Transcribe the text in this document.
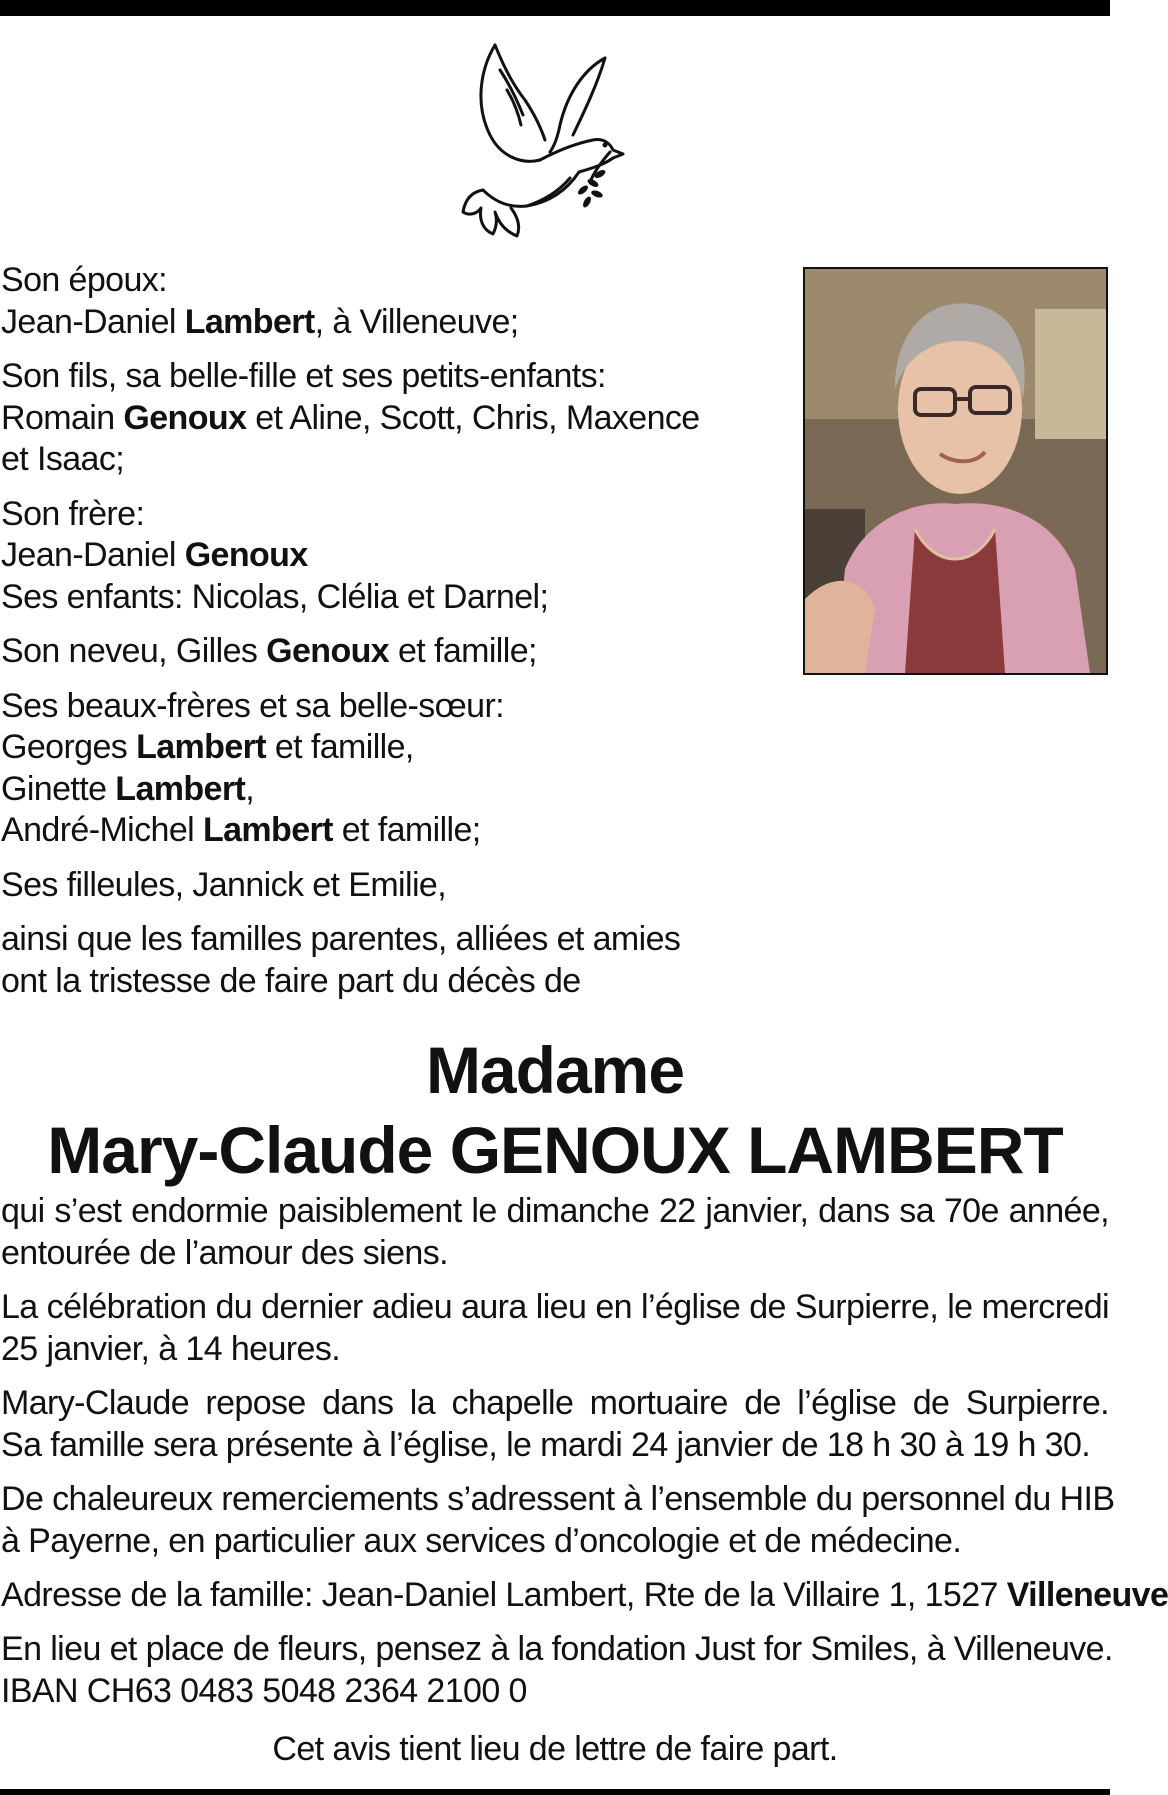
Son époux:
Jean-Daniel Lambert, à Villeneuve;

Son fils, sa belle-fille et ses petits-enfants:
Romain Genoux et Aline, Scott, Chris, Maxence
et Isaac;

Son frère:
Jean-Daniel Genoux
Ses enfants: Nicolas, Clélia et Darnel;

Son neveu, Gilles Genoux et famille;

Ses beaux-frères et sa belle-sœur:
Georges Lambert et famille,
Ginette Lambert,
André-Michel Lambert et famille;

Ses filleules, Jannick et Emilie,

ainsi que les familles parentes, alliées et amies
ont la tristesse de faire part du décès de

Madame
Mary-Claude GENOUX LAMBERT

qui s’est endormie paisiblement le dimanche 22 janvier, dans sa 70e année,
entourée de l’amour des siens.

La célébration du dernier adieu aura lieu en l’église de Surpierre, le mercredi
25 janvier, à 14 heures.

Mary-Claude repose dans la chapelle mortuaire de l’église de Surpierre.
Sa famille sera présente à l’église, le mardi 24 janvier de 18 h 30 à 19 h 30.

De chaleureux remerciements s’adressent à l’ensemble du personnel du HIB
à Payerne, en particulier aux services d’oncologie et de médecine.

Adresse de la famille: Jean-Daniel Lambert, Rte de la Villaire 1, 1527 Villeneuve

En lieu et place de fleurs, pensez à la fondation Just for Smiles, à Villeneuve.
IBAN CH63 0483 5048 2364 2100 0

Cet avis tient lieu de lettre de faire part.
